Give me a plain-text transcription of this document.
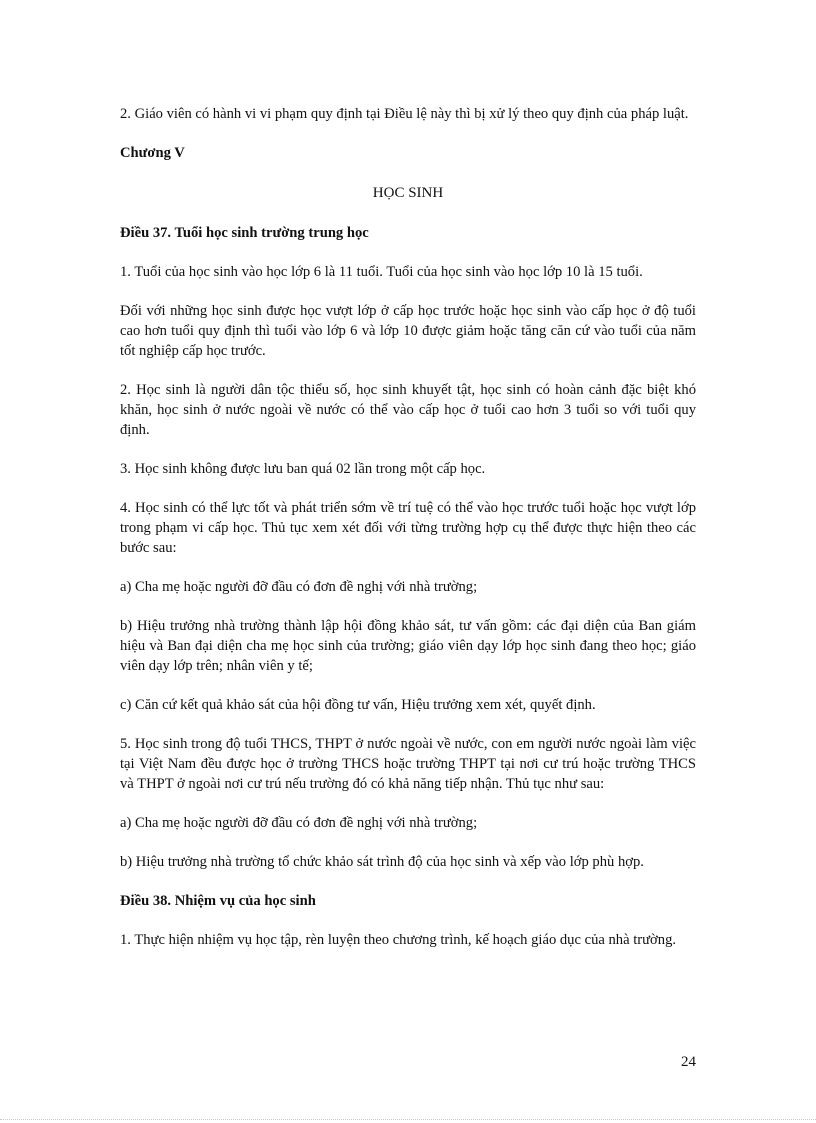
2. Giáo viên có hành vi vi phạm quy định tại Điều lệ này thì bị xử lý theo quy định của pháp luật.

Chương V

HỌC SINH

Điều 37. Tuổi học sinh trường trung học

1. Tuổi của học sinh vào học lớp 6 là 11 tuổi. Tuổi của học sinh vào học lớp 10 là 15 tuổi.

Đối với những học sinh được học vượt lớp ở cấp học trước hoặc học sinh vào cấp học ở độ tuổi cao hơn tuổi quy định thì tuổi vào lớp 6 và lớp 10 được giảm hoặc tăng căn cứ vào tuổi của năm tốt nghiệp cấp học trước.

2. Học sinh là người dân tộc thiểu số, học sinh khuyết tật, học sinh có hoàn cảnh đặc biệt khó khăn, học sinh ở nước ngoài về nước có thể vào cấp học ở tuổi cao hơn 3 tuổi so với tuổi quy định.

3. Học sinh không được lưu ban quá 02 lần trong một cấp học.

4. Học sinh có thể lực tốt và phát triển sớm về trí tuệ có thể vào học trước tuổi hoặc học vượt lớp trong phạm vi cấp học. Thủ tục xem xét đối với từng trường hợp cụ thể được thực hiện theo các bước sau:

a) Cha mẹ hoặc người đỡ đầu có đơn đề nghị với nhà trường;

b) Hiệu trưởng nhà trường thành lập hội đồng khảo sát, tư vấn gồm: các đại diện của Ban giám hiệu và Ban đại diện cha mẹ học sinh của trường; giáo viên dạy lớp học sinh đang theo học; giáo viên dạy lớp trên; nhân viên y tế;

c) Căn cứ kết quả khảo sát của hội đồng tư vấn, Hiệu trưởng xem xét, quyết định.

5. Học sinh trong độ tuổi THCS, THPT ở nước ngoài về nước, con em người nước ngoài làm việc tại Việt Nam đều được học ở trường THCS hoặc trường THPT tại nơi cư trú hoặc trường THCS và THPT ở ngoài nơi cư trú nếu trường đó có khả năng tiếp nhận. Thủ tục như sau:

a) Cha mẹ hoặc người đỡ đầu có đơn đề nghị với nhà trường;

b) Hiệu trưởng nhà trường tổ chức khảo sát trình độ của học sinh và xếp vào lớp phù hợp.

Điều 38. Nhiệm vụ của học sinh

1. Thực hiện nhiệm vụ học tập, rèn luyện theo chương trình, kế hoạch giáo dục của nhà trường.

24
